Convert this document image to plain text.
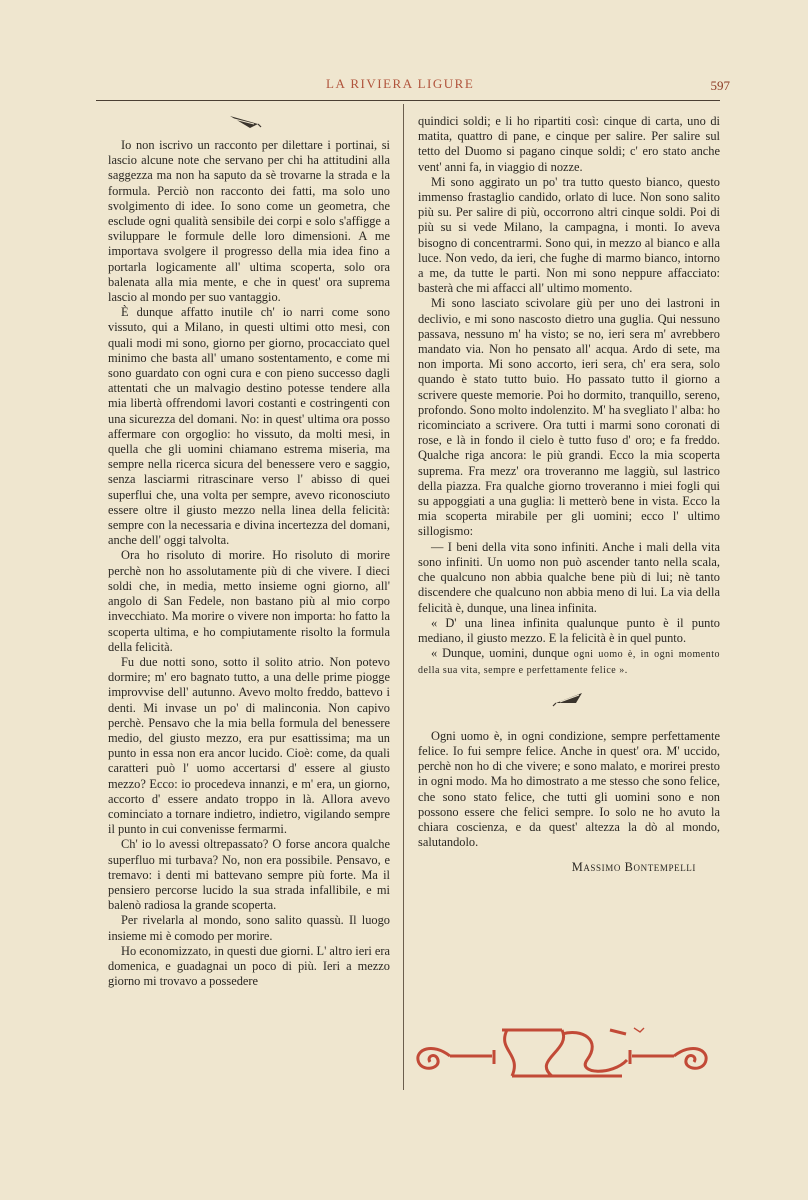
LA RIVIERA LIGURE	597

Io non iscrivo un racconto per dilettare i portinai, si lascio alcune note che servano per chi ha attitudini alla saggezza ma non ha saputo da sè trovarne la strada e la formula. Perciò non racconto dei fatti, ma solo uno svolgimento di idee. Io sono come un geometra, che esclude ogni qualità sensibile dei corpi e solo s'affigge a sviluppare le formule delle loro dimensioni. A me importava svolgere il progresso della mia idea fino a portarla logicamente all' ultima scoperta, solo ora balenata alla mia mente, e che in quest' ora suprema lascio al mondo per suo vantaggio.

È dunque affatto inutile ch' io narri come sono vissuto, qui a Milano, in questi ultimi otto mesi, con quali modi mi sono, giorno per giorno, procacciato quel minimo che basta all' umano sostentamento, e come mi sono guardato con ogni cura e con pieno successo dagli attentati che un malvagio destino potesse tendere alla mia libertà offrendomi lavori costanti e costringenti con una sicurezza del domani. No: in quest' ultima ora posso affermare con orgoglio: ho vissuto, da molti mesi, in quella che gli uomini chiamano estrema miseria, ma sempre nella ricerca sicura del benessere vero e saggio, senza lasciarmi ritrascinare verso l' abisso di quei superflui che, una volta per sempre, avevo riconosciuto essere oltre il giusto mezzo nella linea della felicità: sempre con la necessaria e divina incertezza del domani, anche dell' oggi talvolta.

Ora ho risoluto di morire. Ho risoluto di morire perchè non ho assolutamente più di che vivere. I dieci soldi che, in media, metto insieme ogni giorno, all' angolo di San Fedele, non bastano più al mio corpo invecchiato. Ma morire o vivere non importa: ho fatto la scoperta ultima, e ho compiutamente risolto la formula della felicità.

Fu due notti sono, sotto il solito atrio. Non potevo dormire; m' ero bagnato tutto, a una delle prime piogge improvvise dell' autunno. Avevo molto freddo, battevo i denti. Mi invase un po' di malinconia. Non capivo perchè. Pensavo che la mia bella formula del benessere medio, del giusto mezzo, era pur esattissima; ma un punto in essa non era ancor lucido. Cioè: come, da quali caratteri può l' uomo accertarsi d' essere al giusto mezzo? Ecco: io procedeva innanzi, e m' era, un giorno, accorto d' essere andato troppo in là. Allora avevo cominciato a tornare indietro, indietro, vigilando sempre il punto in cui convenisse fermarmi.

Ch' io lo avessi oltrepassato? O forse ancora qualche superfluo mi turbava? No, non era possibile. Pensavo, e tremavo: i denti mi battevano sempre più forte. Ma il pensiero percorse lucido la sua strada infallibile, e mi balenò radiosa la grande scoperta.

Per rivelarla al mondo, sono salito quassù. Il luogo insieme mi è comodo per morire.

Ho economizzato, in questi due giorni. L' altro ieri era domenica, e guadagnai un poco di più. Ieri a mezzo giorno mi trovavo a possedere

quindici soldi; e li ho ripartiti così: cinque di carta, uno di matita, quattro di pane, e cinque per salire. Per salire sul tetto del Duomo si pagano cinque soldi; c' ero stato anche vent' anni fa, in viaggio di nozze.

Mi sono aggirato un po' tra tutto questo bianco, questo immenso frastaglio candido, orlato di luce. Non sono salito più su. Per salire di più, occorrono altri cinque soldi. Poi di più su si vede Milano, la campagna, i monti. Io aveva bisogno di concentrarmi. Sono qui, in mezzo al bianco e alla luce. Non vedo, da ieri, che fughe di marmo bianco, intorno a me, da tutte le parti. Non mi sono neppure affacciato: basterà che mi affacci all' ultimo momento.

Mi sono lasciato scivolare giù per uno dei lastroni in declivio, e mi sono nascosto dietro una guglia. Qui nessuno passava, nessuno m' ha visto; se no, ieri sera m' avrebbero mandato via. Non ho pensato all' acqua. Ardo di sete, ma non importa. Mi sono accorto, ieri sera, ch' era sera, solo quando è stato tutto buio. Ho passato tutto il giorno a scrivere queste memorie. Poi ho dormito, tranquillo, sereno, profondo. Sono molto indolenzito. M' ha svegliato l' alba: ho ricominciato a scrivere. Ora tutti i marmi sono coronati di rose, e là in fondo il cielo è tutto fuso d' oro; e fa freddo. Qualche riga ancora: le più grandi. Ecco la mia scoperta suprema. Fra mezz' ora troveranno me laggiù, sul lastrico della piazza. Fra qualche giorno troveranno i miei fogli qui su appoggiati a una guglia: li metterò bene in vista. Ecco la mia scoperta mirabile per gli uomini; ecco l' ultimo sillogismo:

— I beni della vita sono infiniti. Anche i mali della vita sono infiniti. Un uomo non può ascender tanto nella scala, che qualcuno non abbia qualche bene più di lui; nè tanto discendere che qualcuno non abbia meno di lui. La via della felicità è, dunque, una linea infinita.

« D' una linea infinita qualunque punto è il punto mediano, il giusto mezzo. E la felicità è in quel punto.

« Dunque, uomini, dunque ogni uomo è, in ogni momento della sua vita, sempre e perfettamente felice ».

Ogni uomo è, in ogni condizione, sempre perfettamente felice. Io fui sempre felice. Anche in quest' ora. M' uccido, perchè non ho di che vivere; e sono malato, e morirei presto in ogni modo. Ma ho dimostrato a me stesso che sono felice, che sono stato felice, che tutti gli uomini sono e non possono essere che felici sempre. Io solo ne ho avuto la chiara coscienza, e da quest' altezza la dò al mondo, salutandolo.

Massimo Bontempelli
